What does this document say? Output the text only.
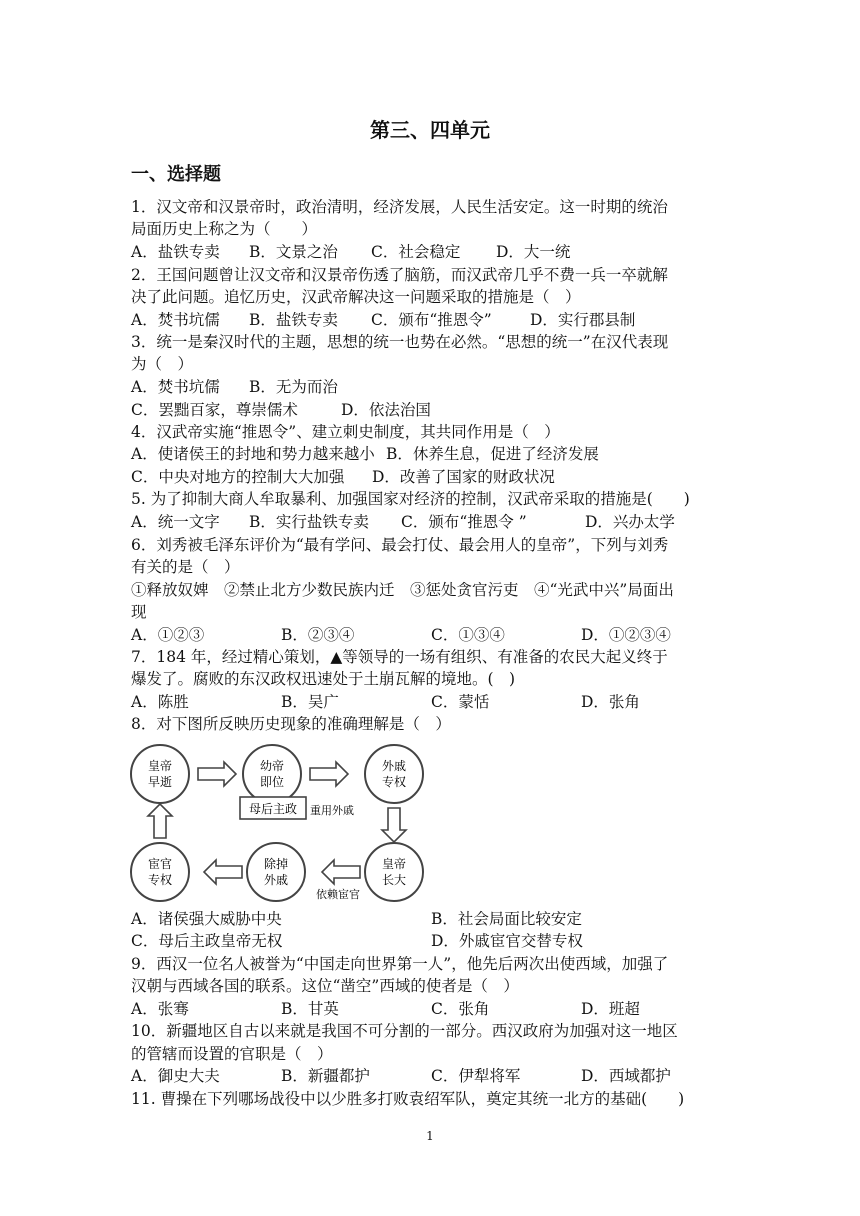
第三、四单元
一、选择题
1．汉文帝和汉景帝时，政治清明，经济发展，人民生活安定。这一时期的统治
局面历史上称之为（　　）
A．盐铁专卖 B．文景之治 C．社会稳定 D．大一统
2．王国问题曾让汉文帝和汉景帝伤透了脑筋，而汉武帝几乎不费一兵一卒就解
决了此问题。追忆历史，汉武帝解决这一问题采取的措施是（　）
A．焚书坑儒 B．盐铁专卖 C．颁布“推恩令” D．实行郡县制
3．统一是秦汉时代的主题，思想的统一也势在必然。“思想的统一”在汉代表现
为（　）
A．焚书坑儒 B．无为而治
C．罢黜百家，尊崇儒术	D．依法治国
4．汉武帝实施“推恩令”、建立刺史制度，其共同作用是（　）
A．使诸侯王的封地和势力越来越小 B．休养生息，促进了经济发展
C．中央对地方的控制大大加强 D．改善了国家的财政状况
5. 为了抑制大商人牟取暴利、加强国家对经济的控制，汉武帝采取的措施是(　　)
A．统一文字 B．实行盐铁专卖 C．颁布“推恩令 ”	D．兴办太学
6．刘秀被毛泽东评价为“最有学问、最会打仗、最会用人的皇帝”，下列与刘秀
有关的是（　）
①释放奴婢　②禁止北方少数民族内迁　③惩处贪官污吏　④“光武中兴”局面出
现
A．①②③	B．②③④	C．①③④	D．①②③④
7．184 年，经过精心策划，▲等领导的一场有组织、有准备的农民大起义终于
爆发了。腐败的东汉政权迅速处于土崩瓦解的境地。(　)
A．陈胜	B．吴广	C．蒙恬	D．张角
8．对下图所反映历史现象的准确理解是（　）
皇帝
早逝
幼帝
即位
母后主政 重用外戚
外戚
专权
皇帝
长大
依赖宦官
除掉
外戚
宦官
专权
A．诸侯强大威胁中央	B．社会局面比较安定
C．母后主政皇帝无权	D．外戚宦官交替专权
9．西汉一位名人被誉为“中国走向世界第一人”，他先后两次出使西域，加强了
汉朝与西域各国的联系。这位“凿空”西域的使者是（　）
A．张骞	B．甘英	C．张角	D．班超
10．新疆地区自古以来就是我国不可分割的一部分。西汉政府为加强对这一地区
的管辖而设置的官职是（　）
A．御史大夫	B．新疆都护	C．伊犁将军	D．西域都护
11. 曹操在下列哪场战役中以少胜多打败袁绍军队，奠定其统一北方的基础(　　)
1
